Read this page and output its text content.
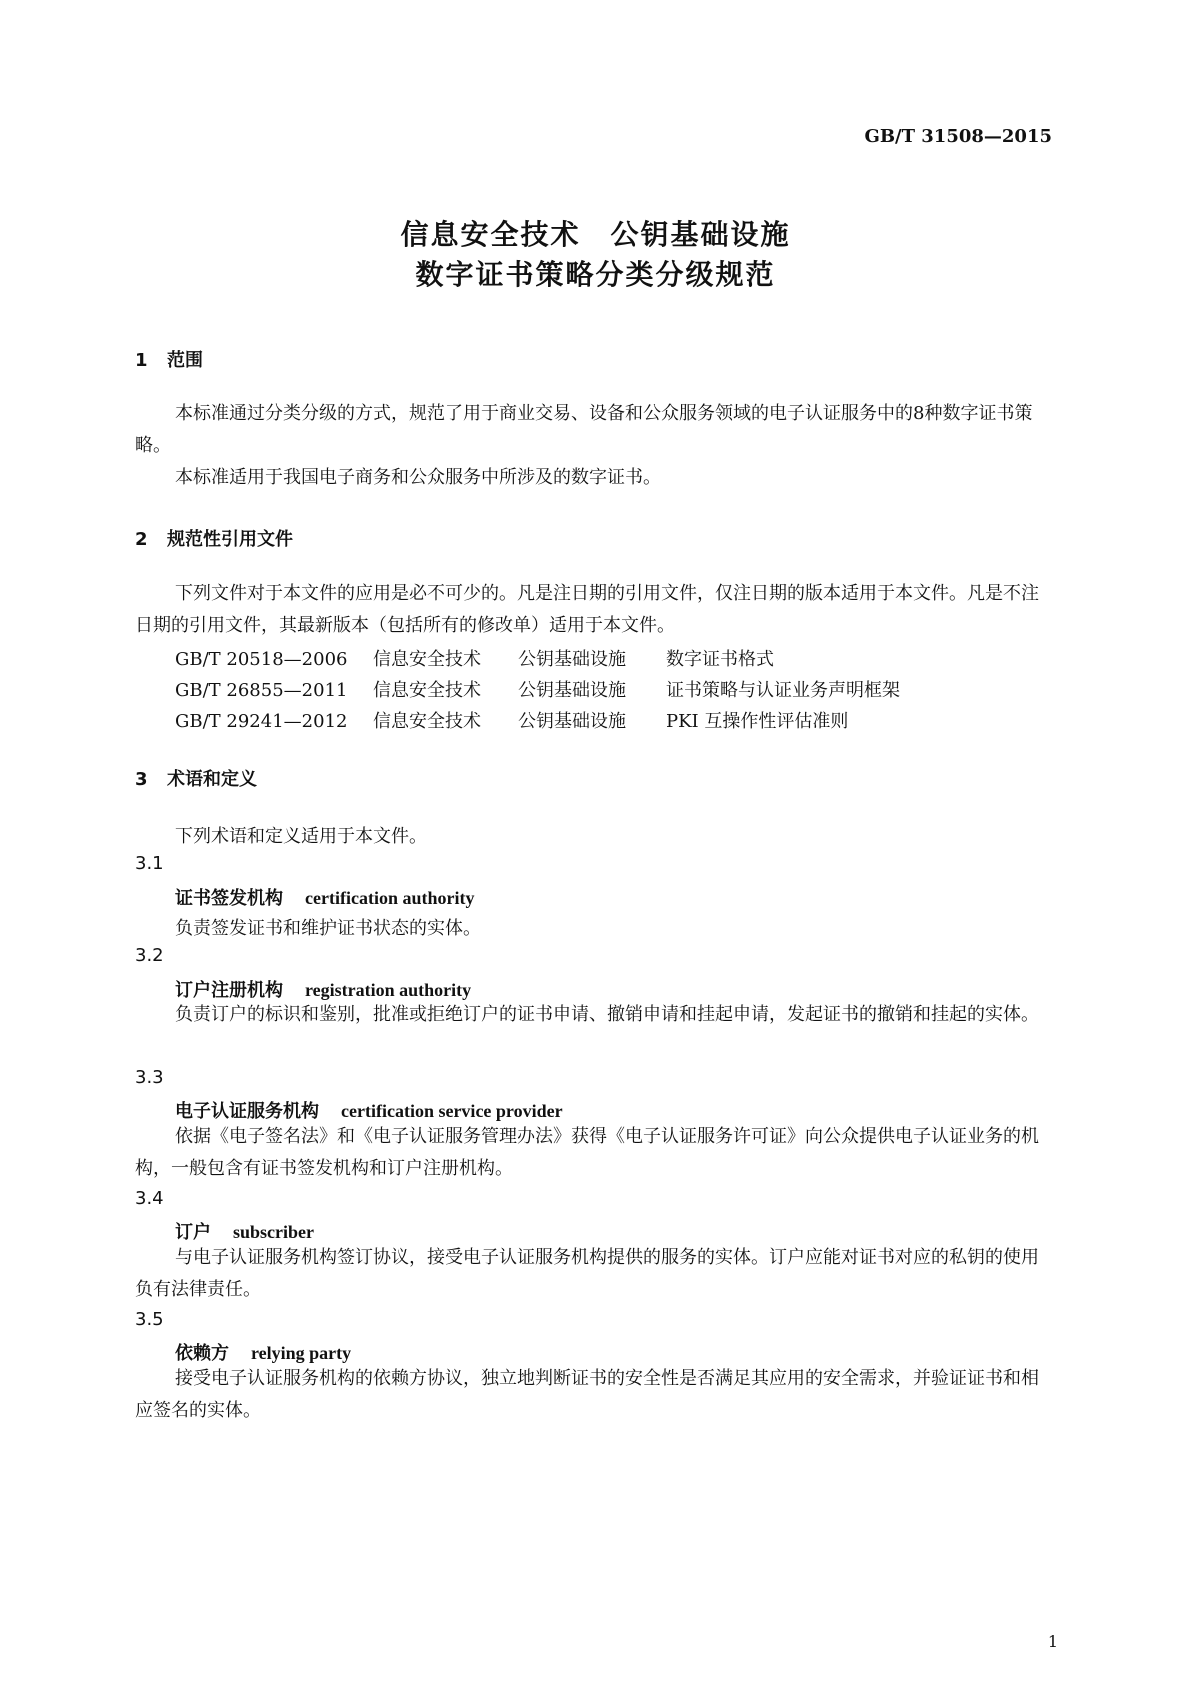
GB/T 31508—2015
信息安全技术　公钥基础设施
数字证书策略分类分级规范
1 范围
本标准通过分类分级的方式，规范了用于商业交易、设备和公众服务领域的电子认证服务中的8种数字证书策略。
本标准适用于我国电子商务和公众服务中所涉及的数字证书。
2 规范性引用文件
下列文件对于本文件的应用是必不可少的。凡是注日期的引用文件，仅注日期的版本适用于本文件。凡是不注日期的引用文件，其最新版本（包括所有的修改单）适用于本文件。
GB/T 20518—2006 信息安全技术 公钥基础设施 数字证书格式
GB/T 26855—2011 信息安全技术 公钥基础设施 证书策略与认证业务声明框架
GB/T 29241—2012 信息安全技术 公钥基础设施 PKI 互操作性评估准则
3 术语和定义
下列术语和定义适用于本文件。
3.1
证书签发机构 certification authority
负责签发证书和维护证书状态的实体。
3.2
订户注册机构 registration authority
负责订户的标识和鉴别，批准或拒绝订户的证书申请、撤销申请和挂起申请，发起证书的撤销和挂起的实体。
3.3
电子认证服务机构 certification service provider
依据《电子签名法》和《电子认证服务管理办法》获得《电子认证服务许可证》向公众提供电子认证业务的机构，一般包含有证书签发机构和订户注册机构。
3.4
订户 subscriber
与电子认证服务机构签订协议，接受电子认证服务机构提供的服务的实体。订户应能对证书对应的私钥的使用负有法律责任。
3.5
依赖方 relying party
接受电子认证服务机构的依赖方协议，独立地判断证书的安全性是否满足其应用的安全需求，并验证证书和相应签名的实体。
1
